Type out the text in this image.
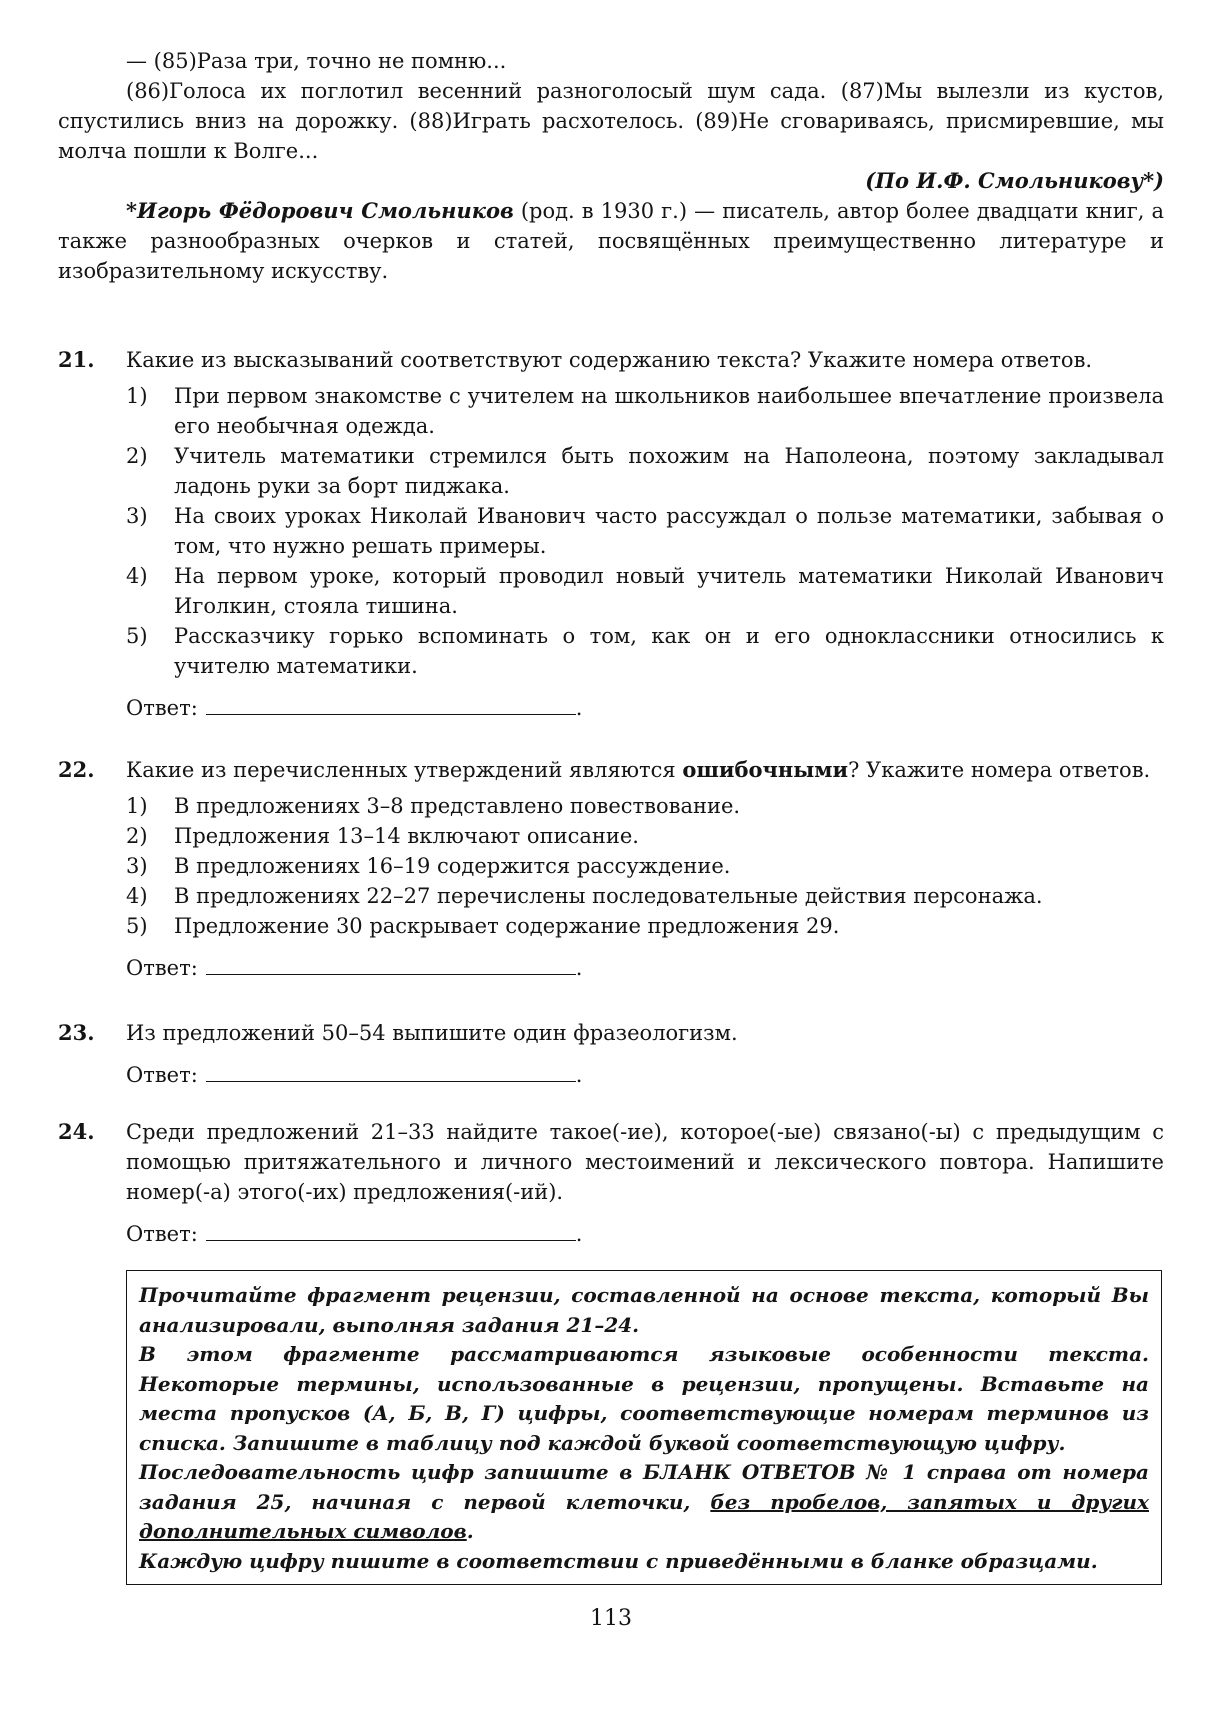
— (85)Раза три, точно не помню...

(86)Голоса их поглотил весенний разноголосый шум сада. (87)Мы вылезли из кустов, спустились вниз на дорожку. (88)Играть расхотелось. (89)Не сговариваясь, присмиревшие, мы молча пошли к Волге...

(По И.Ф. Смольникову*)

*Игорь Фёдорович Смольников (род. в 1930 г.) — писатель, автор более двадцати книг, а также разнообразных очерков и статей, посвящённых преимущественно литературе и изобразительному искусству.

21.	Какие из высказываний соответствуют содержанию текста? Укажите номера ответов.
1)	При первом знакомстве с учителем на школьников наибольшее впечатление произвела его необычная одежда.
2)	Учитель математики стремился быть похожим на Наполеона, поэтому закладывал ладонь руки за борт пиджака.
3)	На своих уроках Николай Иванович часто рассуждал о пользе математики, забывая о том, что нужно решать примеры.
4)	На первом уроке, который проводил новый учитель математики Николай Иванович Иголкин, стояла тишина.
5)	Рассказчику горько вспоминать о том, как он и его одноклассники относились к учителю математики.
Ответ:	.
22.	Какие из перечисленных утверждений являются ошибочными? Укажите номера ответов.
1)	В предложениях 3–8 представлено повествование.
2)	Предложения 13–14 включают описание.
3)	В предложениях 16–19 содержится рассуждение.
4)	В предложениях 22–27 перечислены последовательные действия персонажа.
5)	Предложение 30 раскрывает содержание предложения 29.
Ответ:	.
23.	Из предложений 50–54 выпишите один фразеологизм.
Ответ:	.
24.	Среди предложений 21–33 найдите такое(-ие), которое(-ые) связано(-ы) с предыдущим с помощью притяжательного и личного местоимений и лексического повтора. Напишите номер(-а) этого(-их) предложения(-ий).
Ответ:	.

Прочитайте фрагмент рецензии, составленной на основе текста, который Вы анализировали, выполняя задания 21–24.

В этом фрагменте рассматриваются языковые особенности текста. Некоторые термины, использованные в рецензии, пропущены. Вставьте на места пропусков (А, Б, В, Г) цифры, соответствующие номерам терминов из списка. Запишите в таблицу под каждой буквой соответствующую цифру.

Последовательность цифр запишите в БЛАНК ОТВЕТОВ № 1 справа от номера задания 25, начиная с первой клеточки, без пробелов, запятых и других дополнительных символов.

Каждую цифру пишите в соответствии с приведёнными в бланке образцами.

113
